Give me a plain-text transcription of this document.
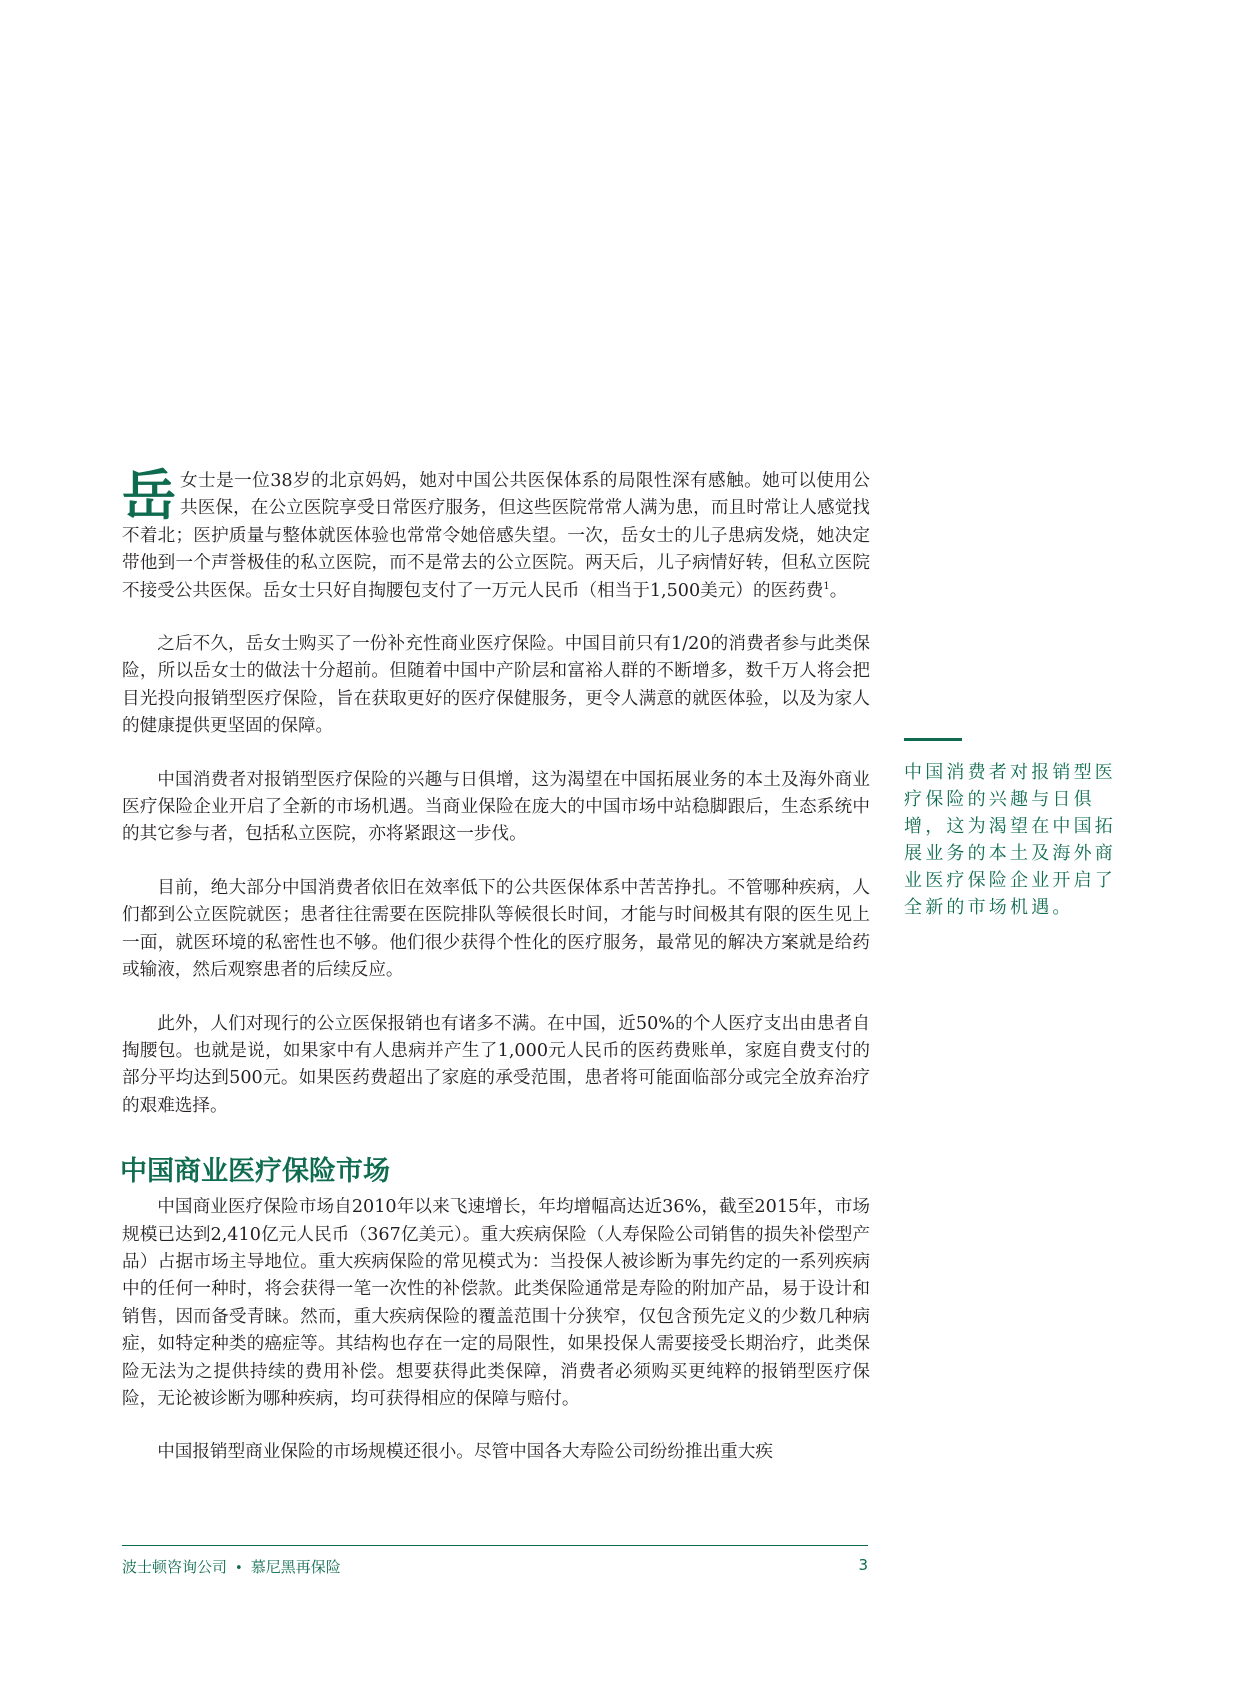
岳女士是一位38岁的北京妈妈，她对中国公共医保体系的局限性深有感触。她可以使用公共医保，在公立医院享受日常医疗服务，但这些医院常常人满为患，而且时常让人感觉找不着北；医护质量与整体就医体验也常常令她倍感失望。一次，岳女士的儿子患病发烧，她决定带他到一个声誉极佳的私立医院，而不是常去的公立医院。两天后，儿子病情好转，但私立医院不接受公共医保。岳女士只好自掏腰包支付了一万元人民币（相当于1,500美元）的医药费$^1$。

之后不久，岳女士购买了一份补充性商业医疗保险。中国目前只有1/20的消费者参与此类保险，所以岳女士的做法十分超前。但随着中国中产阶层和富裕人群的不断增多，数千万人将会把目光投向报销型医疗保险，旨在获取更好的医疗保健服务，更令人满意的就医体验，以及为家人的健康提供更坚固的保障。

中国消费者对报销型医疗保险的兴趣与日俱增，这为渴望在中国拓展业务的本土及海外商业医疗保险企业开启了全新的市场机遇。当商业保险在庞大的中国市场中站稳脚跟后，生态系统中的其它参与者，包括私立医院，亦将紧跟这一步伐。

目前，绝大部分中国消费者依旧在效率低下的公共医保体系中苦苦挣扎。不管哪种疾病，人们都到公立医院就医；患者往往需要在医院排队等候很长时间，才能与时间极其有限的医生见上一面，就医环境的私密性也不够。他们很少获得个性化的医疗服务，最常见的解决方案就是给药或输液，然后观察患者的后续反应。

此外，人们对现行的公立医保报销也有诸多不满。在中国，近50%的个人医疗支出由患者自掏腰包。也就是说，如果家中有人患病并产生了1,000元人民币的医药费账单，家庭自费支付的部分平均达到500元。如果医药费超出了家庭的承受范围，患者将可能面临部分或完全放弃治疗的艰难选择。

中国商业医疗保险市场

中国商业医疗保险市场自2010年以来飞速增长，年均增幅高达近36%，截至2015年，市场规模已达到2,410亿元人民币（367亿美元）。重大疾病保险（人寿保险公司销售的损失补偿型产品）占据市场主导地位。重大疾病保险的常见模式为：当投保人被诊断为事先约定的一系列疾病中的任何一种时，将会获得一笔一次性的补偿款。此类保险通常是寿险的附加产品，易于设计和销售，因而备受青睐。然而，重大疾病保险的覆盖范围十分狭窄，仅包含预先定义的少数几种病症，如特定种类的癌症等。其结构也存在一定的局限性，如果投保人需要接受长期治疗，此类保险无法为之提供持续的费用补偿。想要获得此类保障，消费者必须购买更纯粹的报销型医疗保险，无论被诊断为哪种疾病，均可获得相应的保障与赔付。

中国报销型商业保险的市场规模还很小。尽管中国各大寿险公司纷纷推出重大疾

中国消费者对报销型医疗保险的兴趣与日俱增，这为渴望在中国拓展业务的本土及海外商业医疗保险企业开启了全新的市场机遇。

波士顿咨询公司 • 慕尼黑再保险	3
